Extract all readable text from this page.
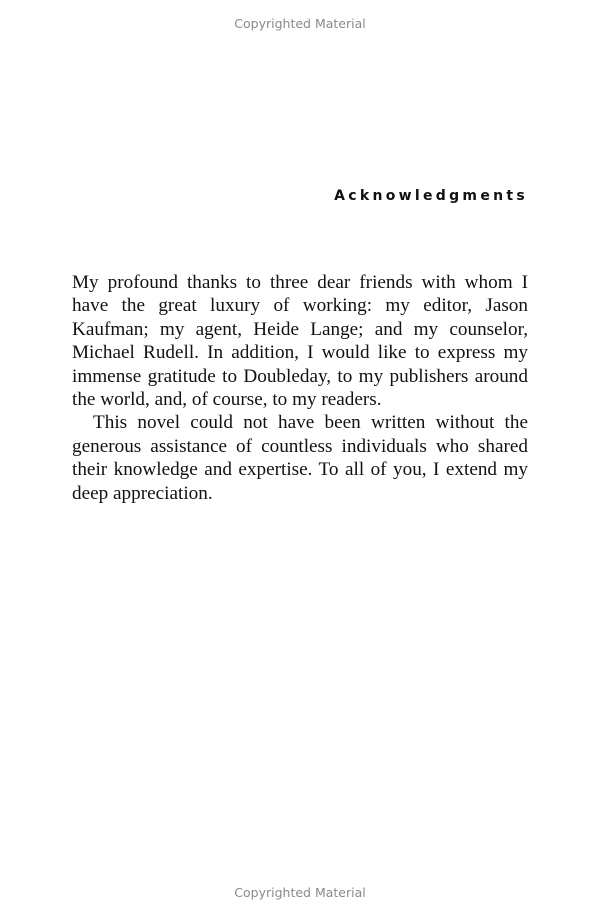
Copyrighted Material
Acknowledgments

My profound thanks to three dear friends with whom I have the great luxury of working: my editor, Jason Kaufman; my agent, Heide Lange; and my counselor, Michael Rudell. In addition, I would like to express my immense gratitude to Doubleday, to my publishers around the world, and, of course, to my readers.

This novel could not have been written without the generous assistance of countless individuals who shared their knowledge and expertise. To all of you, I extend my deep appreciation.

Copyrighted Material
